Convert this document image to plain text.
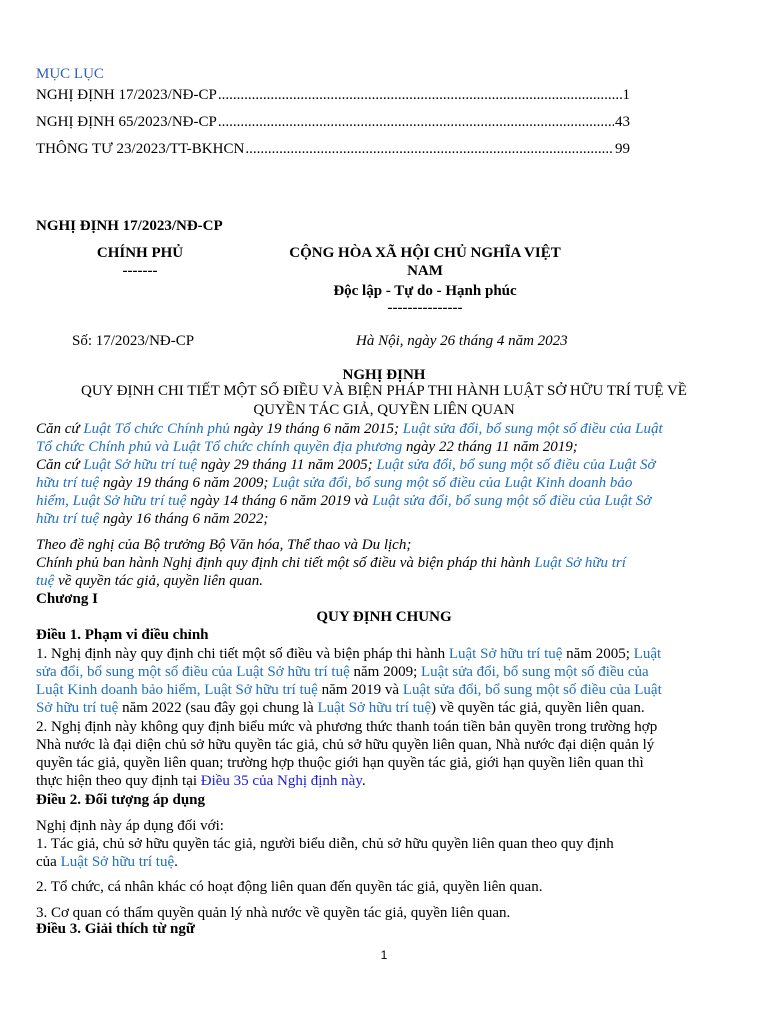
MỤC LỤC
NGHỊ ĐỊNH 17/2023/NĐ-CP .....	1
NGHỊ ĐỊNH 65/2023/NĐ-CP .....	43
THÔNG TƯ 23/2023/TT-BKHCN .....	99
NGHỊ ĐỊNH 17/2023/NĐ-CP
CHÍNH PHỦ
-------
CỘNG HÒA XÃ HỘI CHỦ NGHĨA VIỆT
NAM
Độc lập - Tự do - Hạnh phúc
---------------
Số: 17/2023/NĐ-CP	Hà Nội, ngày 26 tháng 4 năm 2023
NGHỊ ĐỊNH
QUY ĐỊNH CHI TIẾT MỘT SỐ ĐIỀU VÀ BIỆN PHÁP THI HÀNH LUẬT SỞ HỮU TRÍ TUỆ VỀ
QUYỀN TÁC GIẢ, QUYỀN LIÊN QUAN
Căn cứ Luật Tổ chức Chính phủ ngày 19 tháng 6 năm 2015; Luật sửa đổi, bổ sung một số điều của Luật
Tổ chức Chính phủ và Luật Tổ chức chính quyền địa phương ngày 22 tháng 11 năm 2019;
Căn cứ Luật Sở hữu trí tuệ ngày 29 tháng 11 năm 2005; Luật sửa đổi, bổ sung một số điều của Luật Sở
hữu trí tuệ ngày 19 tháng 6 năm 2009; Luật sửa đổi, bổ sung một số điều của Luật Kinh doanh bảo
hiểm, Luật Sở hữu trí tuệ ngày 14 tháng 6 năm 2019 và Luật sửa đổi, bổ sung một số điều của Luật Sở
hữu trí tuệ ngày 16 tháng 6 năm 2022;
Theo đề nghị của Bộ trưởng Bộ Văn hóa, Thể thao và Du lịch;
Chính phủ ban hành Nghị định quy định chi tiết một số điều và biện pháp thi hành Luật Sở hữu trí
tuệ về quyền tác giả, quyền liên quan.
Chương I
QUY ĐỊNH CHUNG
Điều 1. Phạm vi điều chỉnh
1. Nghị định này quy định chi tiết một số điều và biện pháp thi hành Luật Sở hữu trí tuệ năm 2005; Luật
sửa đổi, bổ sung một số điều của Luật Sở hữu trí tuệ năm 2009; Luật sửa đổi, bổ sung một số điều của
Luật Kinh doanh bảo hiểm, Luật Sở hữu trí tuệ năm 2019 và Luật sửa đổi, bổ sung một số điều của Luật
Sở hữu trí tuệ năm 2022 (sau đây gọi chung là Luật Sở hữu trí tuệ) về quyền tác giả, quyền liên quan.
2. Nghị định này không quy định biểu mức và phương thức thanh toán tiền bản quyền trong trường hợp
Nhà nước là đại diện chủ sở hữu quyền tác giả, chủ sở hữu quyền liên quan, Nhà nước đại diện quản lý
quyền tác giả, quyền liên quan; trường hợp thuộc giới hạn quyền tác giả, giới hạn quyền liên quan thì
thực hiện theo quy định tại Điều 35 của Nghị định này.
Điều 2. Đối tượng áp dụng
Nghị định này áp dụng đối với:
1. Tác giả, chủ sở hữu quyền tác giả, người biểu diễn, chủ sở hữu quyền liên quan theo quy định
của Luật Sở hữu trí tuệ.
2. Tổ chức, cá nhân khác có hoạt động liên quan đến quyền tác giả, quyền liên quan.
3. Cơ quan có thẩm quyền quản lý nhà nước về quyền tác giả, quyền liên quan.
Điều 3. Giải thích từ ngữ
1
